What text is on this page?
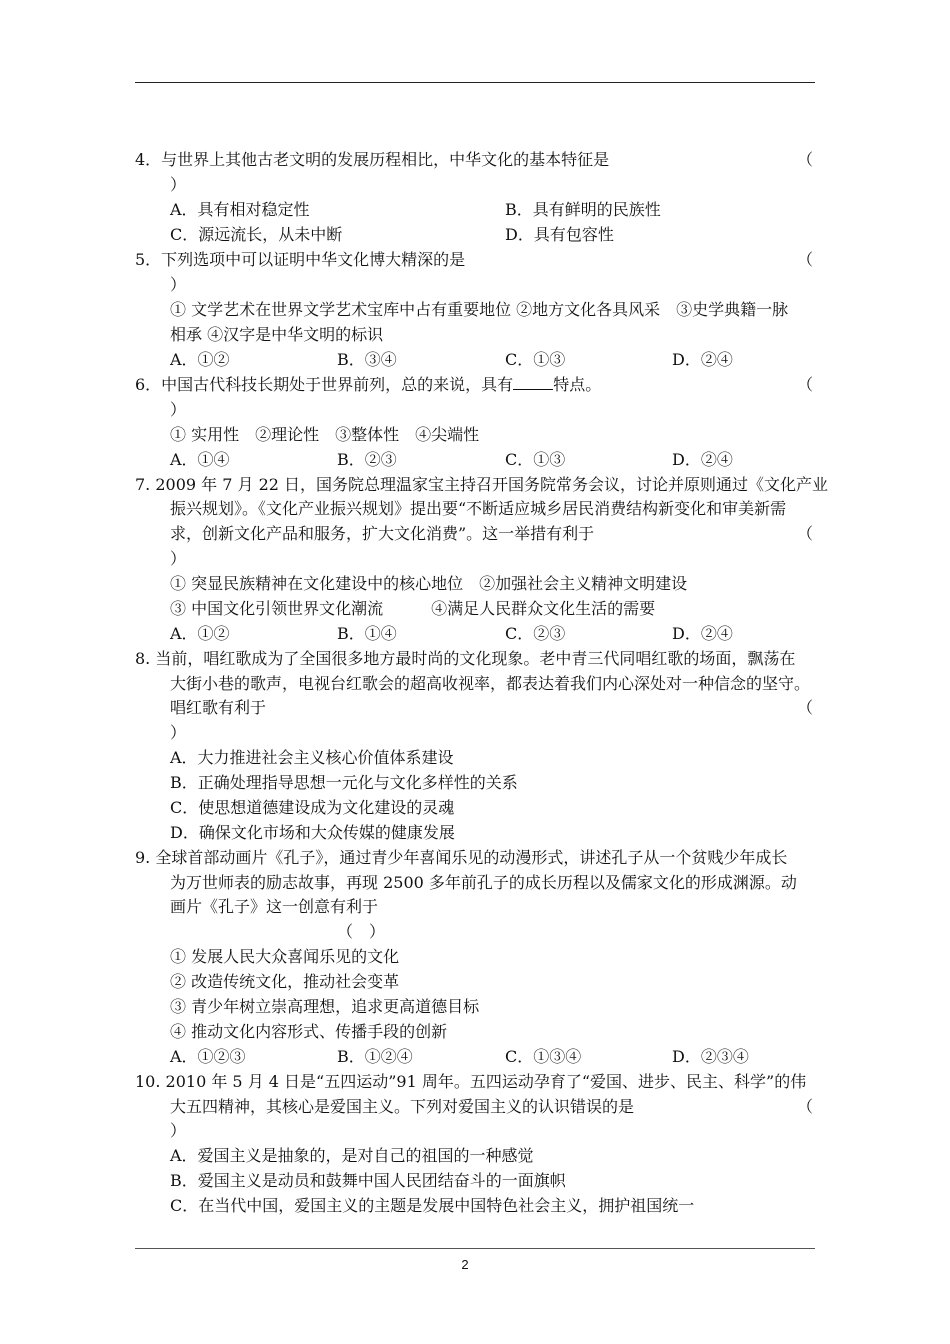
4．与世界上其他古老文明的发展历程相比，中华文化的基本特征是	（
）
A．具有相对稳定性	B．具有鲜明的民族性
C．源远流长，从未中断	D．具有包容性
5．下列选项中可以证明中华文化博大精深的是	（
）
① 文学艺术在世界文学艺术宝库中占有重要地位 ②地方文化各具风采　③史学典籍一脉
相承 ④汉字是中华文明的标识
A．①②	B．③④	C．①③	D．②④
6．中国古代科技长期处于世界前列，总的来说，具有	特点。	（
）
① 实用性　②理论性　③整体性　④尖端性
A．①④	B．②③	C．①③	D．②④
7. 2009 年 7 月 22 日，国务院总理温家宝主持召开国务院常务会议，讨论并原则通过《文化产业
振兴规划》。《文化产业振兴规划》提出要“不断适应城乡居民消费结构新变化和审美新需
求，创新文化产品和服务，扩大文化消费”。这一举措有利于	（
）
① 突显民族精神在文化建设中的核心地位　②加强社会主义精神文明建设
③ 中国文化引领世界文化潮流　　　④满足人民群众文化生活的需要
A．①②	B．①④	C．②③	D．②④
8. 当前，唱红歌成为了全国很多地方最时尚的文化现象。老中青三代同唱红歌的场面，飘荡在
大街小巷的歌声，电视台红歌会的超高收视率，都表达着我们内心深处对一种信念的坚守。
唱红歌有利于	（
）
A．大力推进社会主义核心价值体系建设
B．正确处理指导思想一元化与文化多样性的关系
C．使思想道德建设成为文化建设的灵魂
D．确保文化市场和大众传媒的健康发展
9. 全球首部动画片《孔子》，通过青少年喜闻乐见的动漫形式，讲述孔子从一个贫贱少年成长
为万世师表的励志故事，再现 2500 多年前孔子的成长历程以及儒家文化的形成渊源。动
画片《孔子》这一创意有利于
（　）
① 发展人民大众喜闻乐见的文化
② 改造传统文化，推动社会变革
③ 青少年树立崇高理想，追求更高道德目标
④ 推动文化内容形式、传播手段的创新
A．①②③	B．①②④	C．①③④	D．②③④
10. 2010 年 5 月 4 日是“五四运动”91 周年。五四运动孕育了“爱国、进步、民主、科学”的伟
大五四精神，其核心是爱国主义。下列对爱国主义的认识错误的是	（
）
A．爱国主义是抽象的，是对自己的祖国的一种感觉
B．爱国主义是动员和鼓舞中国人民团结奋斗的一面旗帜
C．在当代中国，爱国主义的主题是发展中国特色社会主义，拥护祖国统一
2
